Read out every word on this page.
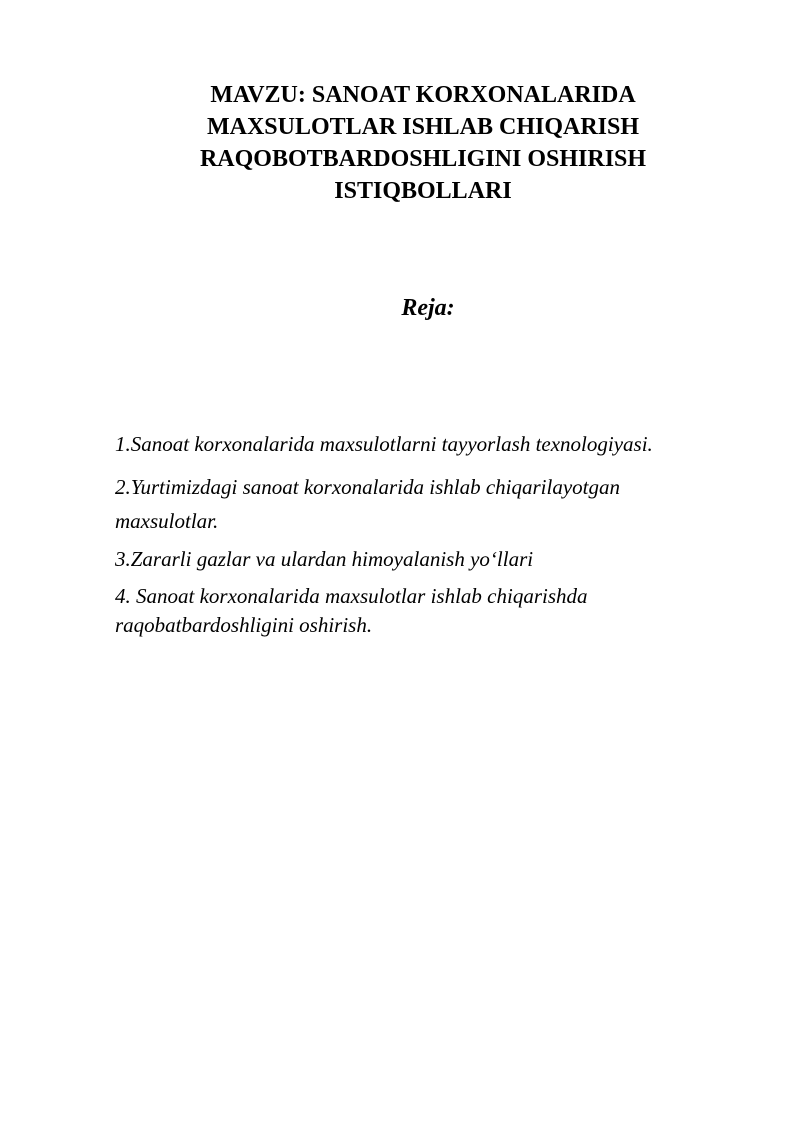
MAVZU: SANOAT KORXONALARIDA
MAXSULOTLAR ISHLAB CHIQARISH
RAQOBOTBARDOSHLIGINI OSHIRISH
ISTIQBOLLARI
Reja:
1.Sanoat korxonalarida maxsulotlarni tayyorlash texnologiyasi.
2.Yurtimizdagi sanoat korxonalarida ishlab chiqarilayotgan
maxsulotlar.
3.Zararli gazlar va ulardan himoyalanish yo‘llari
4. Sanoat korxonalarida maxsulotlar ishlab chiqarishda
raqobatbardoshligini oshirish.
